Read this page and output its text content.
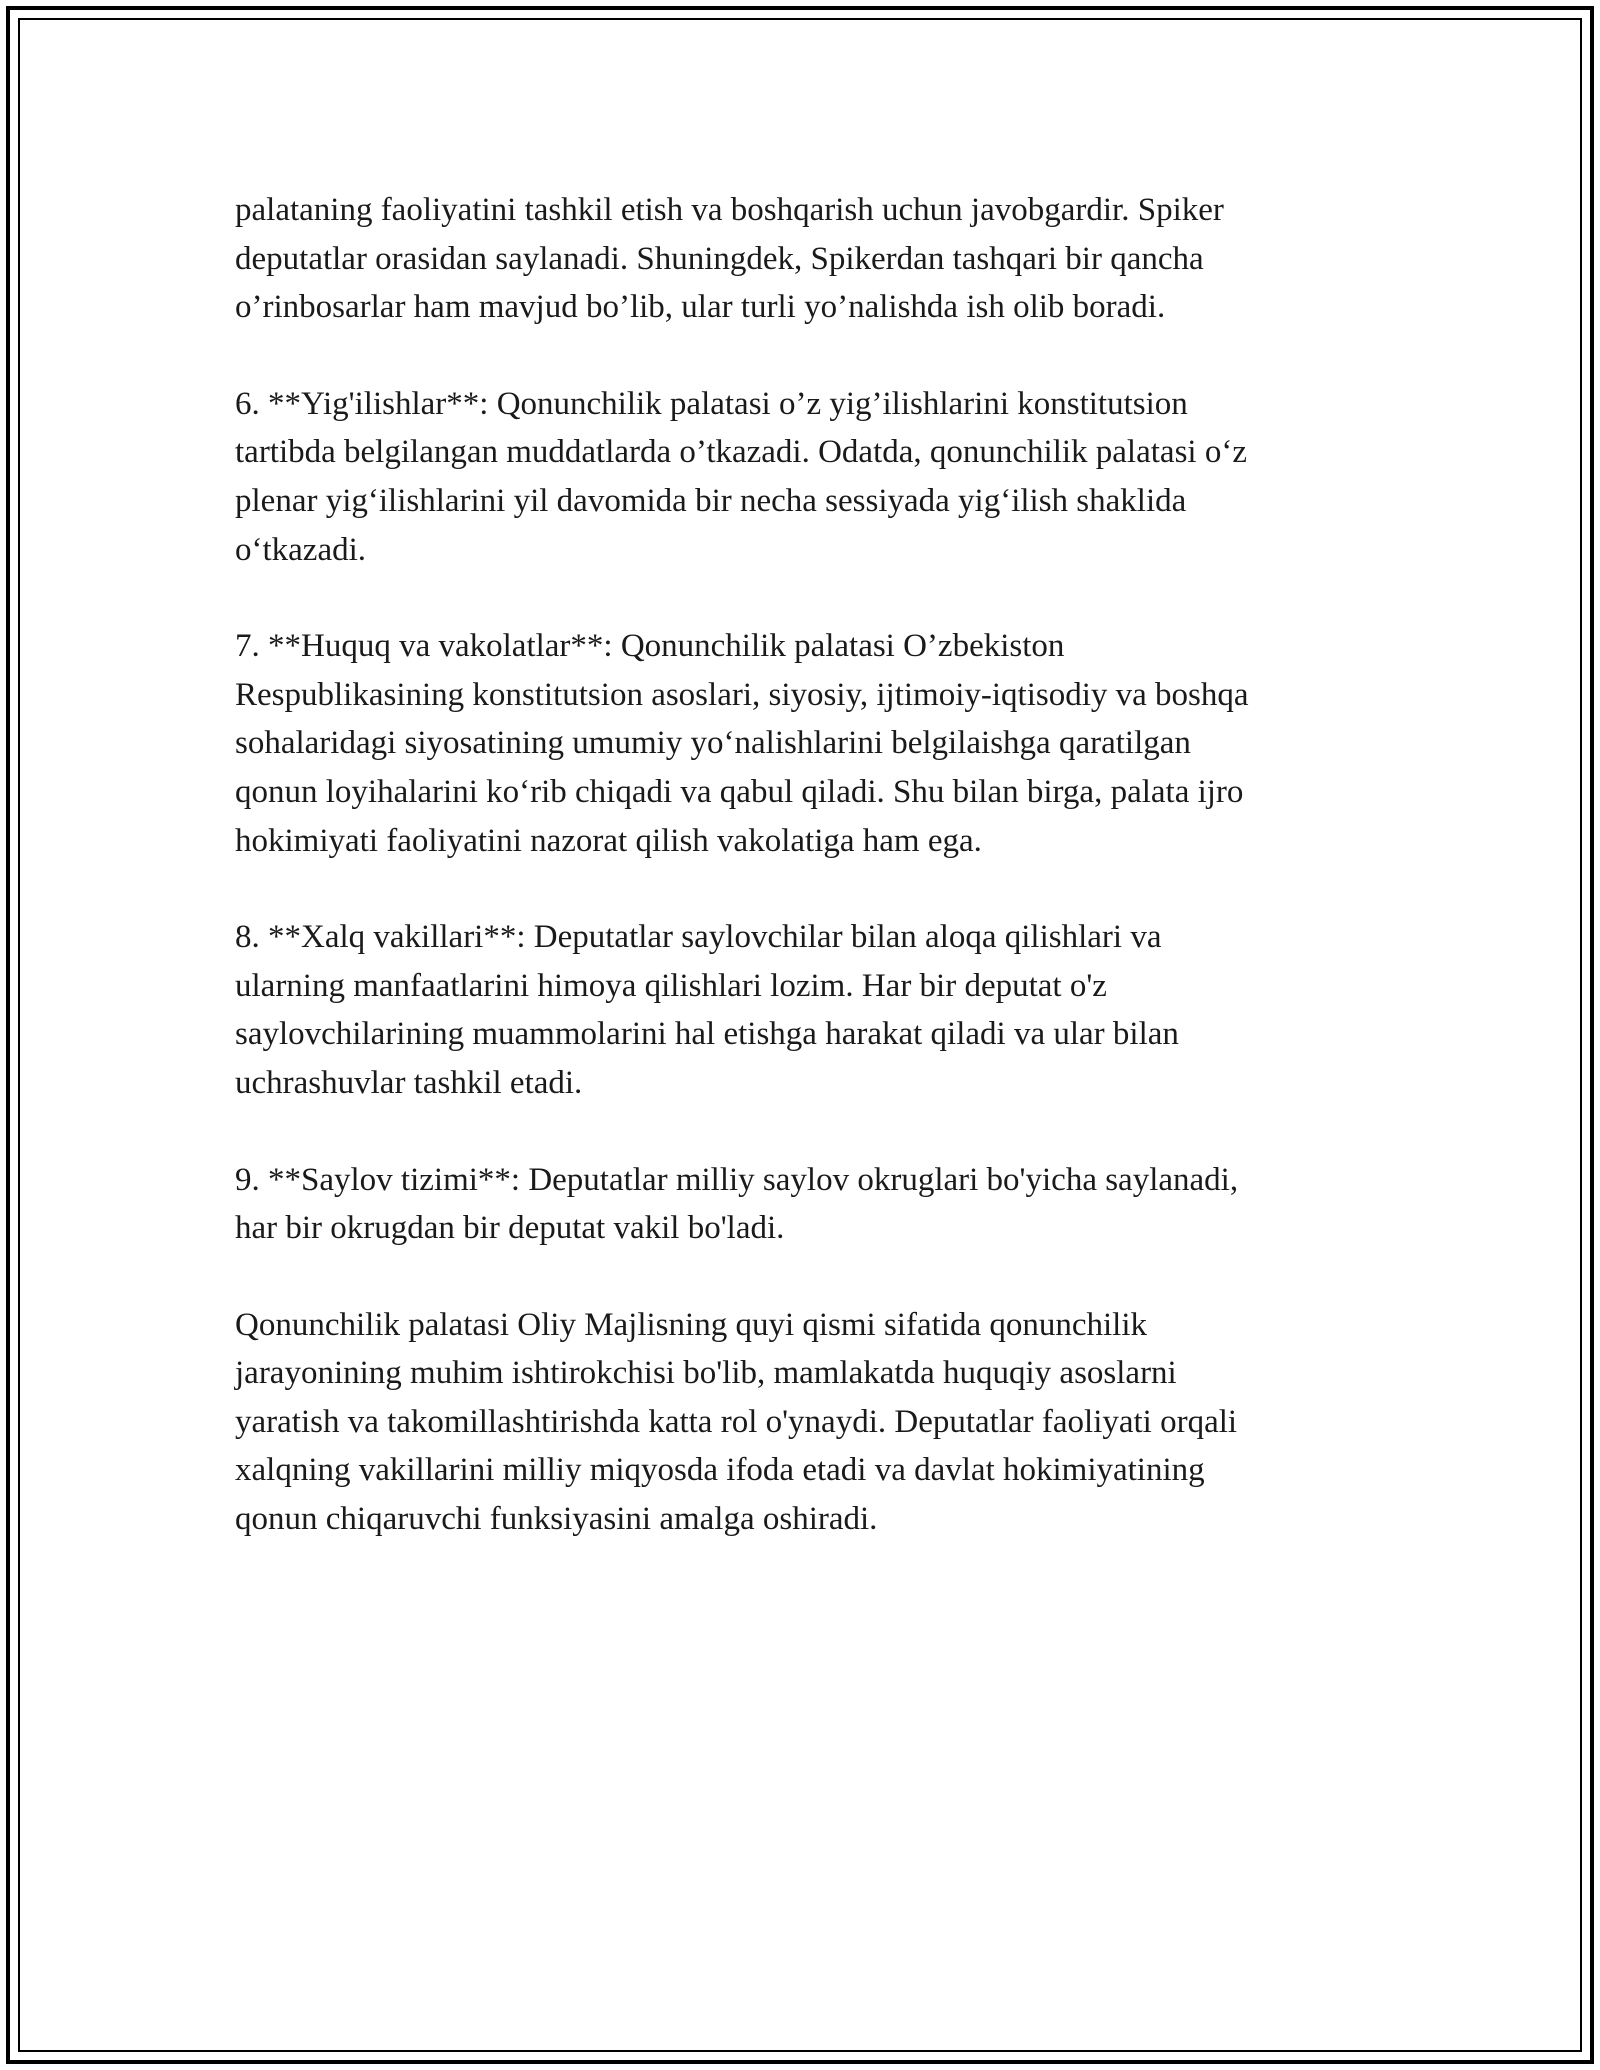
palataning faoliyatini tashkil etish va boshqarish uchun javobgardir. Spiker
deputatlar orasidan saylanadi. Shuningdek, Spikerdan tashqari bir qancha
o’rinbosarlar ham mavjud bo’lib, ular turli yo’nalishda ish olib boradi.

6. **Yig'ilishlar**: Qonunchilik palatasi o’z yig’ilishlarini konstitutsion
tartibda belgilangan muddatlarda o’tkazadi. Odatda, qonunchilik palatasi o‘z
plenar yig‘ilishlarini yil davomida bir necha sessiyada yig‘ilish shaklida
o‘tkazadi.

7. **Huquq va vakolatlar**: Qonunchilik palatasi O’zbekiston
Respublikasining konstitutsion asoslari, siyosiy, ijtimoiy-iqtisodiy va boshqa
sohalaridagi siyosatining umumiy yo‘nalishlarini belgilaishga qaratilgan
qonun loyihalarini ko‘rib chiqadi va qabul qiladi. Shu bilan birga, palata ijro
hokimiyati faoliyatini nazorat qilish vakolatiga ham ega.

8. **Xalq vakillari**: Deputatlar saylovchilar bilan aloqa qilishlari va
ularning manfaatlarini himoya qilishlari lozim. Har bir deputat o'z
saylovchilarining muammolarini hal etishga harakat qiladi va ular bilan
uchrashuvlar tashkil etadi.

9. **Saylov tizimi**: Deputatlar milliy saylov okruglari bo'yicha saylanadi,
har bir okrugdan bir deputat vakil bo'ladi.

Qonunchilik palatasi Oliy Majlisning quyi qismi sifatida qonunchilik
jarayonining muhim ishtirokchisi bo'lib, mamlakatda huquqiy asoslarni
yaratish va takomillashtirishda katta rol o'ynaydi. Deputatlar faoliyati orqali
xalqning vakillarini milliy miqyosda ifoda etadi va davlat hokimiyatining
qonun chiqaruvchi funksiyasini amalga oshiradi.
